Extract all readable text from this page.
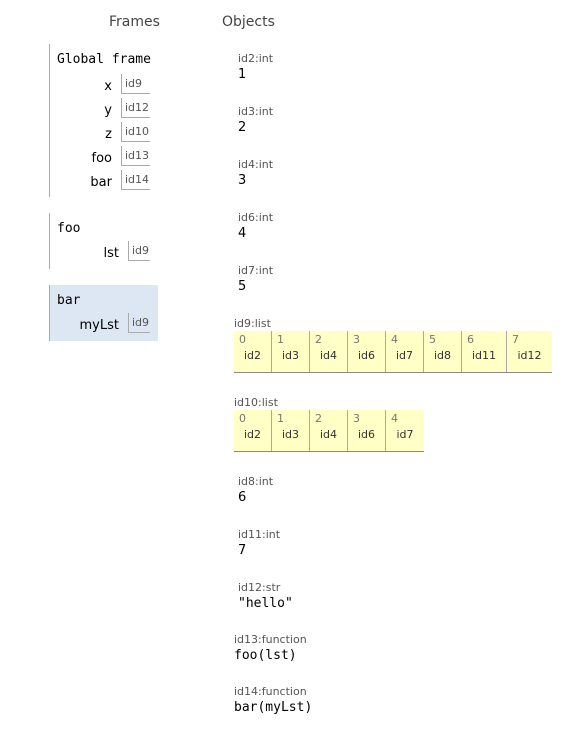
Frames	Objects
Global frame
x	id9
y	id12
z	id10
foo	id13
bar	id14
foo
lst	id9
bar
myLst	id9
id2:int
1
id3:int
2
id4:int
3
id6:int
4
id7:int
5
id9:list
0
id2
1
id3
2
id4
3
id6
4
id7
5
id8
6
id11
7
id12
id10:list
0
id2
1
id3
2
id4
3
id6
4
id7
id8:int
6
id11:int
7
id12:str
"hello"
id13:function
foo(lst)
id14:function
bar(myLst)
